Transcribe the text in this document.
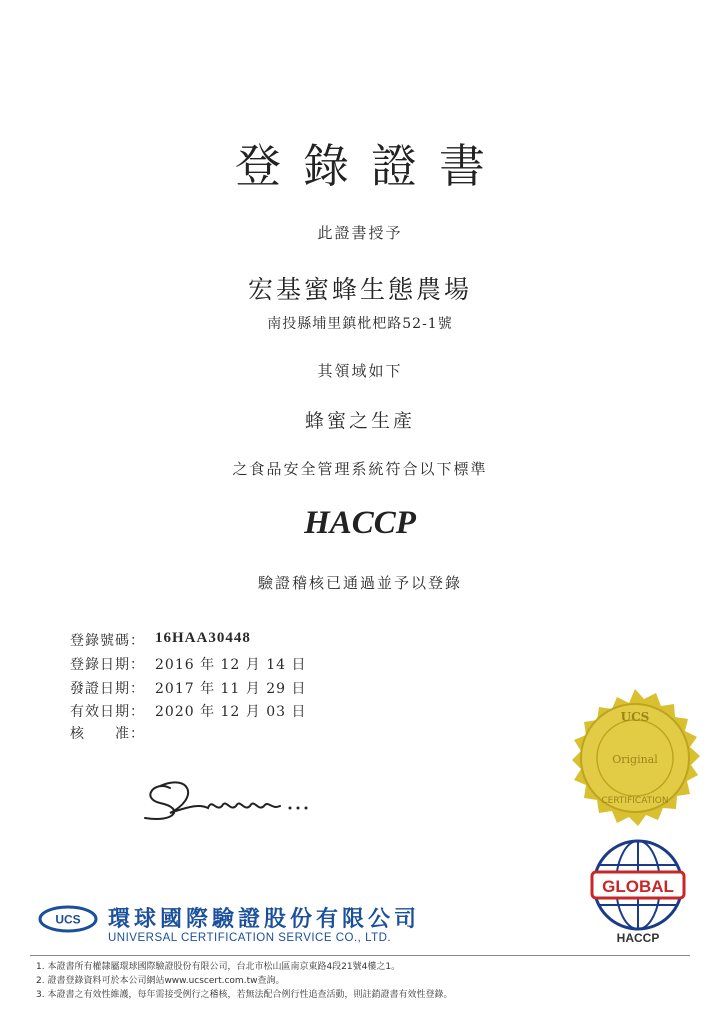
登錄證書
此證書授予
宏基蜜蜂生態農場
南投縣埔里鎮枇杷路52-1號
其領域如下
蜂蜜之生產
之食品安全管理系統符合以下標準
HACCP
驗證稽核已通過並予以登錄
登錄號碼： 16HAA30448
登錄日期： 2016 年 12 月 14 日
發證日期： 2017 年 11 月 29 日
有效日期： 2020 年 12 月 03 日
核　　准：
UCS
Original
CERTIFICATION
GLOBAL
HACCP
UCS 環球國際驗證股份有限公司
UNIVERSAL CERTIFICATION SERVICE CO., LTD.
1. 本證書所有權隸屬環球國際驗證股份有限公司，台北市松山區南京東路4段21號4樓之1。
2. 證書登錄資料可於本公司網站www.ucscert.com.tw查詢。
3. 本證書之有效性維護，每年需接受例行之稽核，若無法配合例行性追查活動，則註銷證書有效性登錄。
